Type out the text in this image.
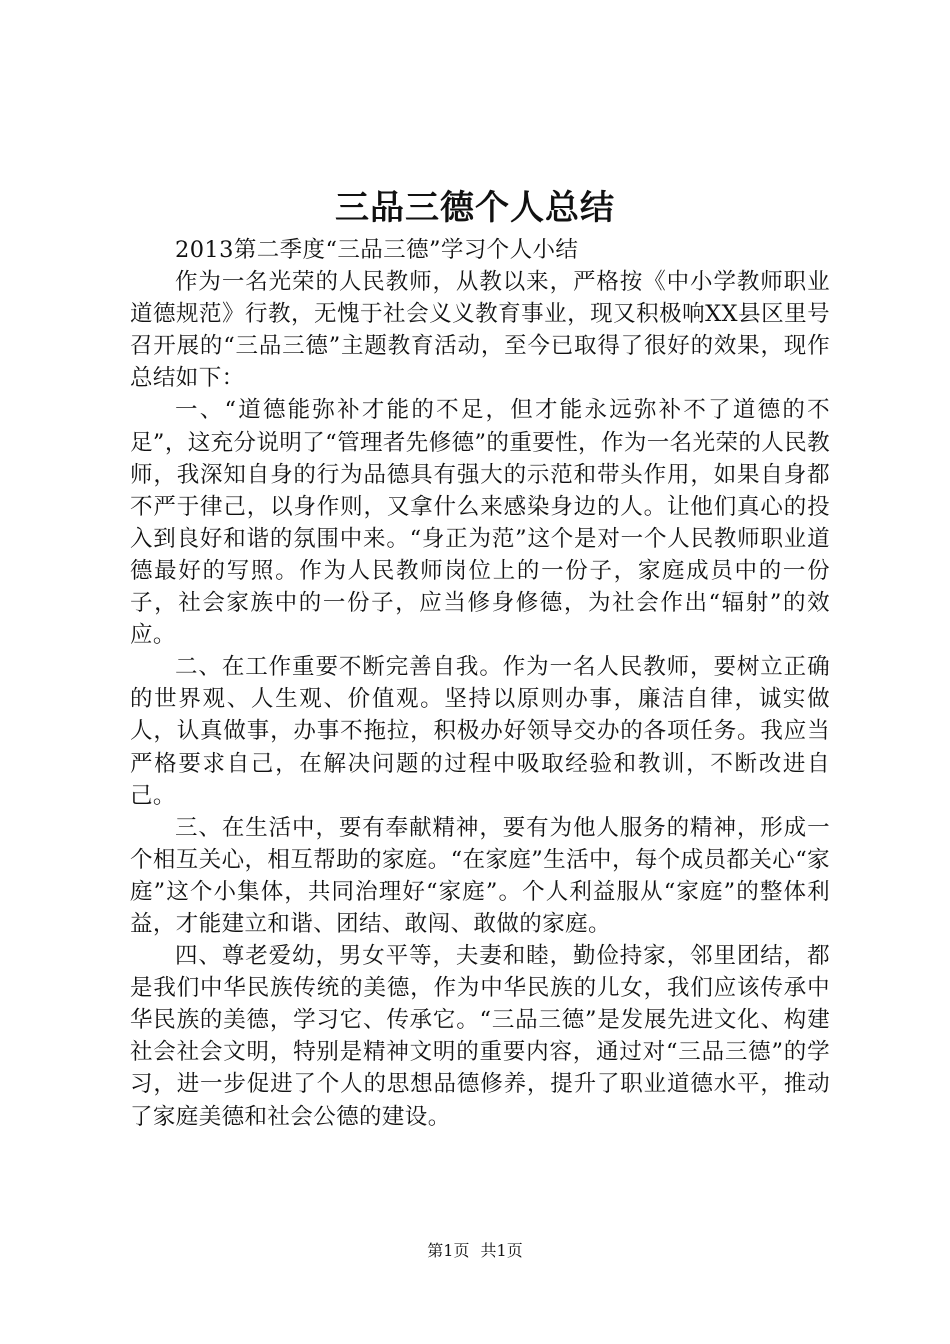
三品三德个人总结

2013第二季度“三品三德”学习个人小结

作为一名光荣的人民教师，从教以来，严格按《中小学教师职业道德规范》行教，无愧于社会义义教育事业，现又积极响XX县区里号召开展的“三品三德”主题教育活动，至今已取得了很好的效果，现作总结如下：

一、“道德能弥补才能的不足，但才能永远弥补不了道德的不足”，这充分说明了“管理者先修德”的重要性，作为一名光荣的人民教师，我深知自身的行为品德具有强大的示范和带头作用，如果自身都不严于律己，以身作则，又拿什么来感染身边的人。让他们真心的投入到良好和谐的氛围中来。“身正为范”这个是对一个人民教师职业道德最好的写照。作为人民教师岗位上的一份子，家庭成员中的一份子，社会家族中的一份子，应当修身修德，为社会作出“辐射”的效应。

二、在工作重要不断完善自我。作为一名人民教师，要树立正确的世界观、人生观、价值观。坚持以原则办事，廉洁自律，诚实做人，认真做事，办事不拖拉，积极办好领导交办的各项任务。我应当严格要求自己，在解决问题的过程中吸取经验和教训，不断改进自己。

三、在生活中，要有奉献精神，要有为他人服务的精神，形成一个相互关心，相互帮助的家庭。“在家庭”生活中，每个成员都关心“家庭”这个小集体，共同治理好“家庭”。个人利益服从“家庭”的整体利益，才能建立和谐、团结、敢闯、敢做的家庭。

四、尊老爱幼，男女平等，夫妻和睦，勤俭持家，邻里团结，都是我们中华民族传统的美德，作为中华民族的儿女，我们应该传承中华民族的美德，学习它、传承它。“三品三德”是发展先进文化、构建社会社会文明，特别是精神文明的重要内容，通过对“三品三德”的学习，进一步促进了个人的思想品德修养，提升了职业道德水平，推动了家庭美德和社会公德的建设。

第1页 共1页
